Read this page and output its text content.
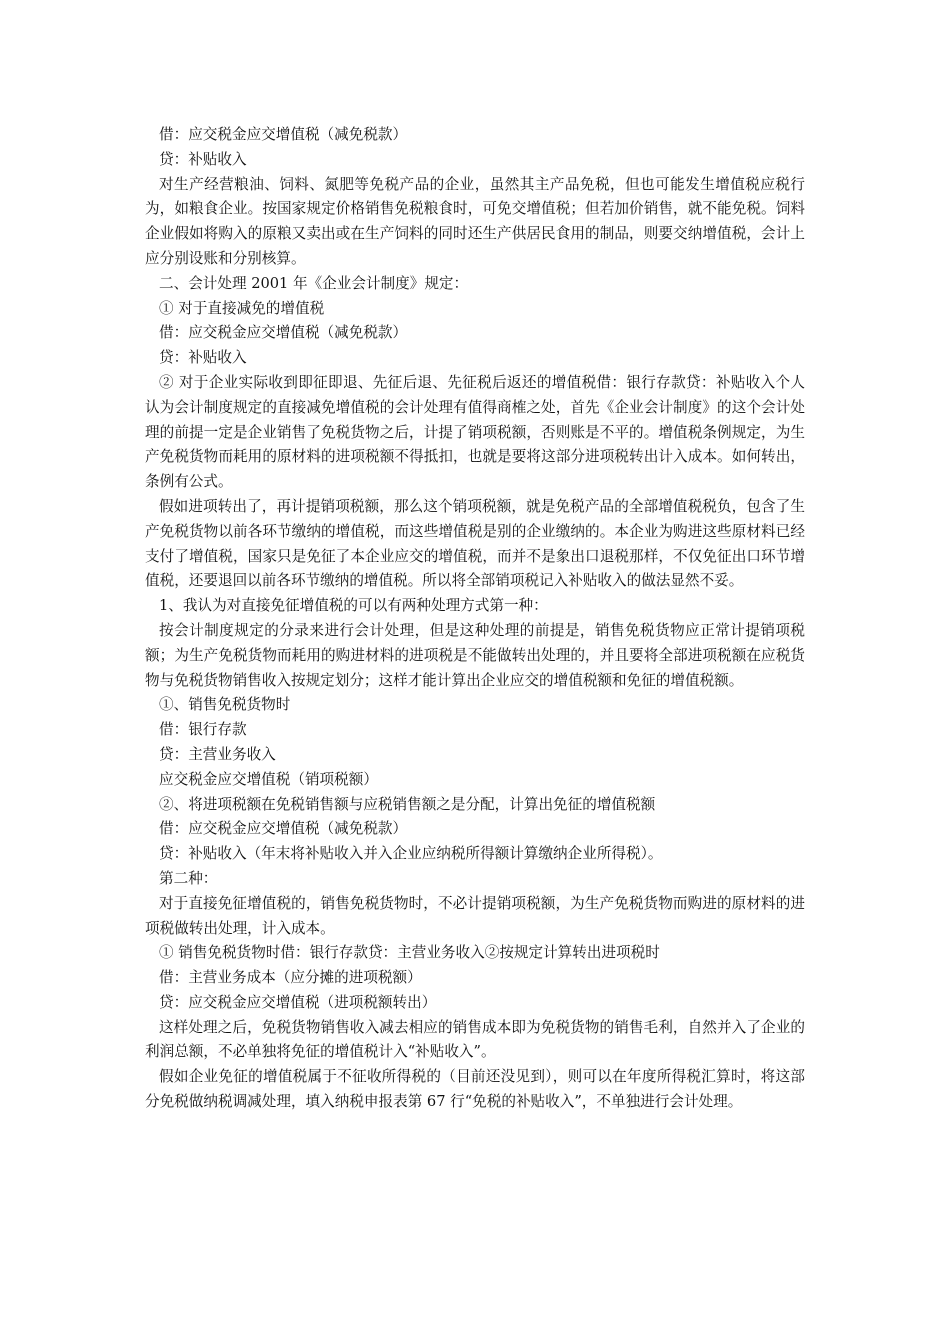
借：应交税金应交增值税（减免税款）

贷：补贴收入

对生产经营粮油、饲料、氮肥等免税产品的企业，虽然其主产品免税，但也可能发生增值税应税行为，如粮食企业。按国家规定价格销售免税粮食时，可免交增值税；但若加价销售，就不能免税。饲料企业假如将购入的原粮又卖出或在生产饲料的同时还生产供居民食用的制品，则要交纳增值税，会计上应分别设账和分别核算。

二、会计处理 2001 年《企业会计制度》规定：

① 对于直接减免的增值税

借：应交税金应交增值税（减免税款）

贷：补贴收入

② 对于企业实际收到即征即退、先征后退、先征税后返还的增值税借：银行存款贷：补贴收入个人认为会计制度规定的直接减免增值税的会计处理有值得商榷之处，首先《企业会计制度》的这个会计处理的前提一定是企业销售了免税货物之后，计提了销项税额，否则账是不平的。增值税条例规定，为生产免税货物而耗用的原材料的进项税额不得抵扣，也就是要将这部分进项税转出计入成本。如何转出，条例有公式。

假如进项转出了，再计提销项税额，那么这个销项税额，就是免税产品的全部增值税税负，包含了生产免税货物以前各环节缴纳的增值税，而这些增值税是别的企业缴纳的。本企业为购进这些原材料已经支付了增值税，国家只是免征了本企业应交的增值税，而并不是象出口退税那样，不仅免征出口环节增值税，还要退回以前各环节缴纳的增值税。所以将全部销项税记入补贴收入的做法显然不妥。

1、我认为对直接免征增值税的可以有两种处理方式第一种：

按会计制度规定的分录来进行会计处理，但是这种处理的前提是，销售免税货物应正常计提销项税额；为生产免税货物而耗用的购进材料的进项税是不能做转出处理的，并且要将全部进项税额在应税货物与免税货物销售收入按规定划分；这样才能计算出企业应交的增值税额和免征的增值税额。

①、销售免税货物时

借：银行存款

贷：主营业务收入

应交税金应交增值税（销项税额）

②、将进项税额在免税销售额与应税销售额之是分配，计算出免征的增值税额

借：应交税金应交增值税（减免税款）

贷：补贴收入（年末将补贴收入并入企业应纳税所得额计算缴纳企业所得税）。

第二种：

对于直接免征增值税的，销售免税货物时，不必计提销项税额，为生产免税货物而购进的原材料的进项税做转出处理，计入成本。

① 销售免税货物时借：银行存款贷：主营业务收入②按规定计算转出进项税时

借：主营业务成本（应分摊的进项税额）

贷：应交税金应交增值税（进项税额转出）

这样处理之后，免税货物销售收入减去相应的销售成本即为免税货物的销售毛利，自然并入了企业的利润总额，不必单独将免征的增值税计入“补贴收入”。

假如企业免征的增值税属于不征收所得税的（目前还没见到），则可以在年度所得税汇算时，将这部分免税做纳税调减处理，填入纳税申报表第 67 行“免税的补贴收入”，不单独进行会计处理。
